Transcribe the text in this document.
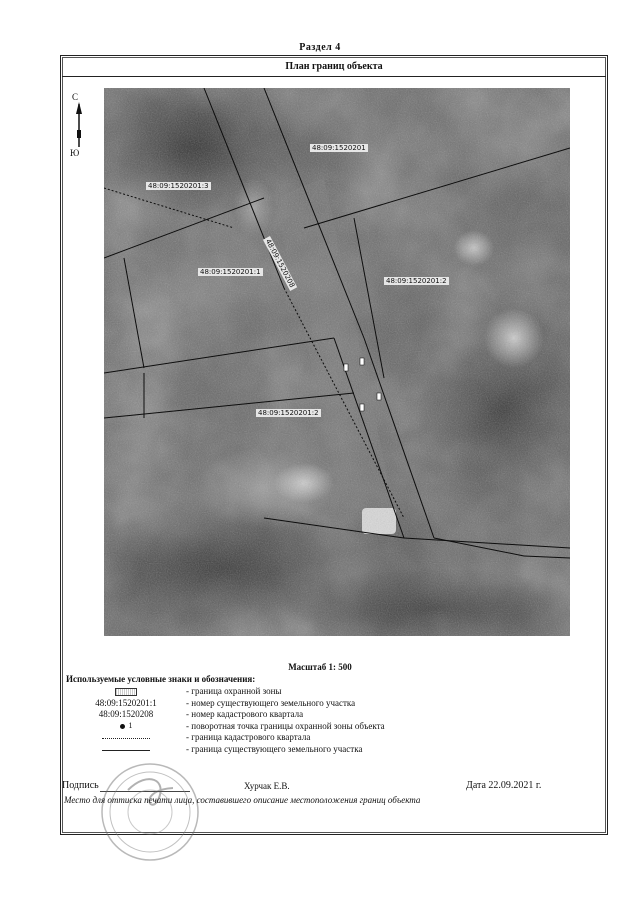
Раздел 4
План границ объекта
С
Ю	48:09:1520201
48:09:1520201:3
48:09:1520201:1
48:09:1520201:2
48:09:1520201:2
48:09:1520208
Масштаб 1: 500
Используемые условные знаки и обозначения:
- граница охранной зоны
48:09:1520201:1	- номер существующего земельного участка
48:09:1520208	- номер кадастрового квартала
1	- поворотная точка границы охранной зоны объекта
- граница кадастрового квартала
- граница существующего земельного участка
Подпись	Хурчак Е.В.	Дата 22.09.2021 г.
Место для оттиска печати лица, составившего описание местоположения границ объекта
